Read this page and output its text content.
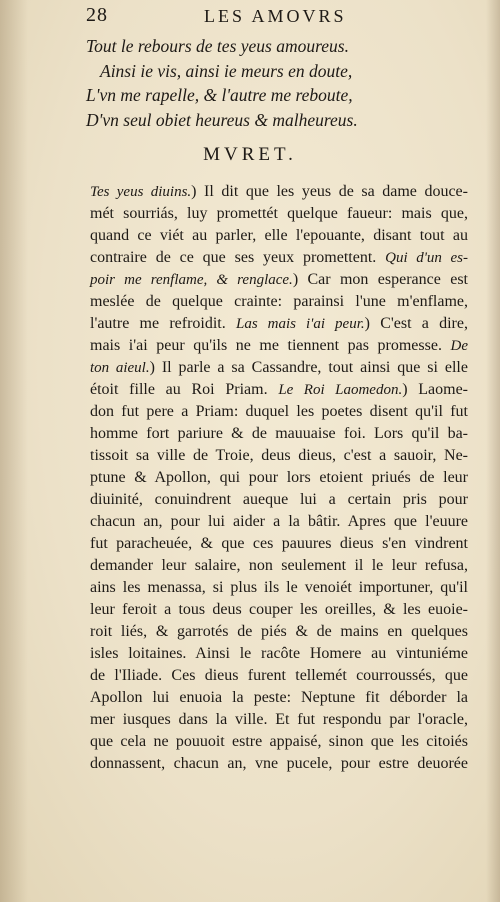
28	LES AMOVRS
Tout le rebours de tes yeus amoureus.
Ainsi ie vis, ainsi ie meurs en doute,
L'vn me rapelle, & l'autre me reboute,
D'vn seul obiet heureus & malheureus.
MVRET.
Tes yeus diuins.) Il dit que les yeus de sa dame douce-
mét sourriás, luy promettét quelque faueur: mais que,
quand ce viét au parler, elle l'epouante, disant tout au
contraire de ce que ses yeux promettent. Qui d'un es-
poir me renflame, & renglace.) Car mon esperance est
meslée de quelque crainte: parainsi l'une m'enflame,
l'autre me refroidit. Las mais i'ai peur.) C'est a dire,
mais i'ai peur qu'ils ne me tiennent pas promesse. De
ton aieul.) Il parle a sa Cassandre, tout ainsi que si elle
étoit fille au Roi Priam. Le Roi Laomedon.) Laome-
don fut pere a Priam: duquel les poetes disent qu'il fut
homme fort pariure & de mauuaise foi. Lors qu'il ba-
tissoit sa ville de Troie, deus dieus, c'est a sauoir, Ne-
ptune & Apollon, qui pour lors etoient priués de leur
diuinité, conuindrent aueque lui a certain pris pour
chacun an, pour lui aider a la bâtir. Apres que l'euure
fut paracheuée, & que ces pauures dieus s'en vindrent
demander leur salaire, non seulement il le leur refusa,
ains les menassa, si plus ils le venoiét importuner, qu'il
leur feroit a tous deus couper les oreilles, & les euoie-
roit liés, & garrotés de piés & de mains en quelques
isles loitaines. Ainsi le racôte Homere au vintuniéme
de l'Iliade. Ces dieus furent tellemét courroussés, que
Apollon lui enuoia la peste: Neptune fit déborder la
mer iusques dans la ville. Et fut respondu par l'oracle,
que cela ne pouuoit estre appaisé, sinon que les citoiés
donnassent, chacun an, vne pucele, pour estre deuorée
